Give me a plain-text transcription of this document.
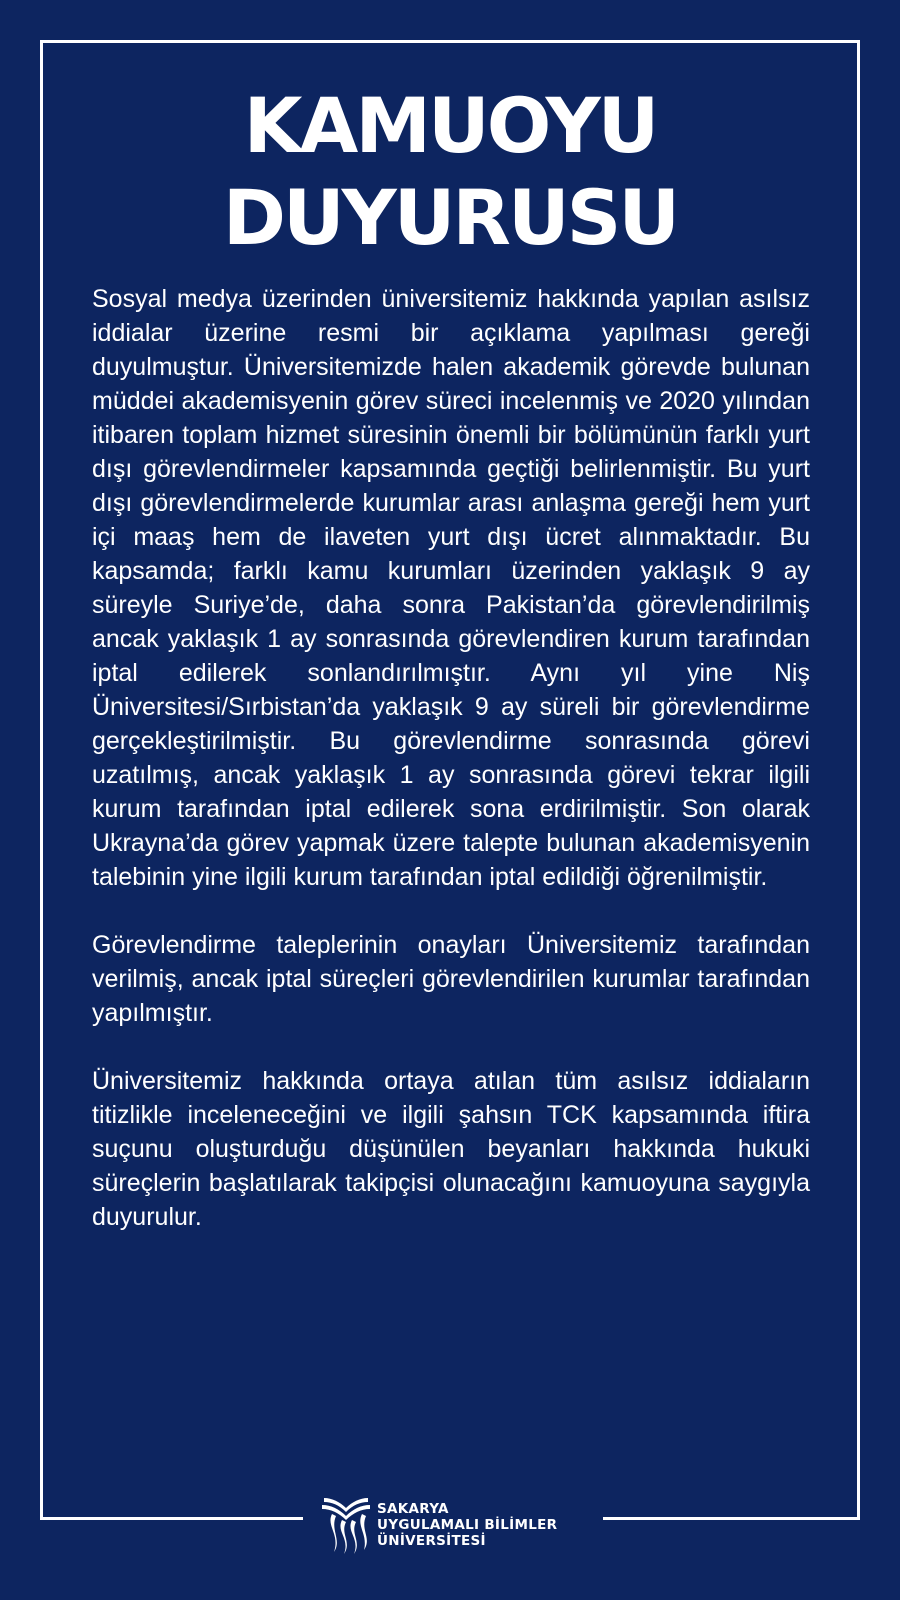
KAMUOYU
DUYURUSU

Sosyal medya üzerinden üniversitemiz hakkında yapılan asılsız iddialar üzerine resmi bir açıklama yapılması gereği duyulmuştur. Üniversitemizde halen akademik görevde bulunan müddei akademisyenin görev süreci incelenmiş ve 2020 yılından itibaren toplam hizmet süresinin önemli bir bölümünün farklı yurt dışı görevlendirmeler kapsamında geçtiği belirlenmiştir. Bu yurt dışı görevlendirmelerde kurumlar arası anlaşma gereği hem yurt içi maaş hem de ilaveten yurt dışı ücret alınmaktadır. Bu kapsamda; farklı kamu kurumları üzerinden yaklaşık 9 ay süreyle Suriye’de, daha sonra Pakistan’da görevlendirilmiş ancak yaklaşık 1 ay sonrasında görevlendiren kurum tarafından iptal edilerek sonlandırılmıştır. Aynı yıl yine Niş Üniversitesi/Sırbistan’da yaklaşık 9 ay süreli bir görevlendirme gerçekleştirilmiştir. Bu görevlendirme sonrasında görevi uzatılmış, ancak yaklaşık 1 ay sonrasında görevi tekrar ilgili kurum tarafından iptal edilerek sona erdirilmiştir. Son olarak Ukrayna’da görev yapmak üzere talepte bulunan akademisyenin talebinin yine ilgili kurum tarafından iptal edildiği öğrenilmiştir.

Görevlendirme taleplerinin onayları Üniversitemiz tarafından verilmiş, ancak iptal süreçleri görevlendirilen kurumlar tarafından yapılmıştır.

Üniversitemiz hakkında ortaya atılan tüm asılsız iddiaların titizlikle inceleneceğini ve ilgili şahsın TCK kapsamında iftira suçunu oluşturduğu düşünülen beyanları hakkında hukuki süreçlerin başlatılarak takipçisi olunacağını kamuoyuna saygıyla duyurulur.

SAKARYA
UYGULAMALI BİLİMLER
ÜNİVERSİTESİ
